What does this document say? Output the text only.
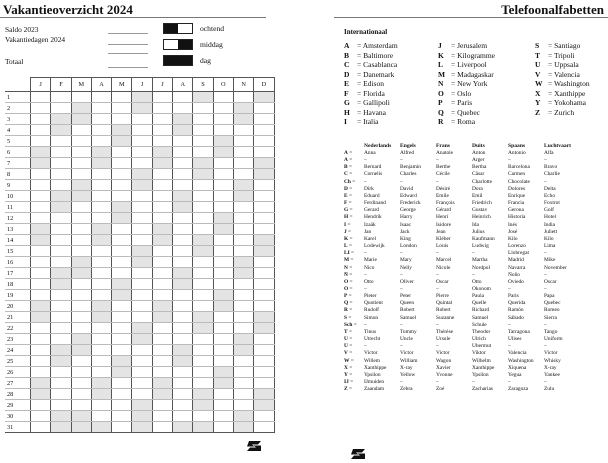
Vakantieoverzicht 2024
Saldo 2023
Vakantiedagen 2024
Totaal
ochtend
middag
dag
	J	F	M	A	M	J	J	A	S	O	N	D
1												
2												
3												
4												
5												
6												
7												
8												
9												
10												
11												
12												
13												
14												
15												
16												
17												
18												
19												
20												
21												
22												
23												
24												
25												
26												
27												
28												
29												
30												
31												
Telefoonalfabetten
Internationaal
A = Amsterdam
B = Baltimore
C = Casablanca
D = Danemark
E = Edison
F = Florida
G = Gallipoli
H = Havana
I = Italia
J = Jerusalem
K = Kilogramme
L = Liverpool
M = Madagaskar
N = New York
O = Oslo
P = Paris
Q = Quebec
R = Roma
S = Santiago
T = Tripoli
U = Uppsala
V = Valencia
W = Washington
X = Xanthippe
Y = Yokohama
Z = Zurich
	Nederlands	Engels	Frans	Duits	Spaans	Luchtvaart
A =	Anna	Alfred	Anatole	Anton	Antonio	Alfa
Ä =	–	–	–	Ärger	–	–
B =	Bernard	Benjamin	Berthe	Bertha	Barcelona	Bravo
C =	Cornelis	Charles	Cécile	Cäsar	Carmen	Charlie
Ch =	–	–	–	Charlotte	Chocolate	–
D =	Dirk	David	Désiré	Dora	Dolores	Delta
E =	Eduard	Edward	Émile	Emil	Enrique	Echo
F =	Ferdinand	Frederick	François	Friedrich	Francia	Foxtrot
G =	Gerard	George	Gérard	Gustav	Gerona	Golf
H =	Hendrik	Harry	Henri	Heinrich	Historia	Hotel
I =	Izaäk	Isaac	Isidore	Ida	Inés	India
J =	Jan	Jack	Jean	Julius	José	Juliett
K =	Karel	King	Kléber	Kaufmann	Kilo	Kilo
L =	Lodewijk	London	Louis	Ludwig	Lorenzo	Lima
LI =	–	–	–	–	Llobregat	–
M =	Marie	Mary	Marcel	Martha	Madrid	Mike
N =	Nico	Nelly	Nicole	Nordpol	Navarra	November
Ñ =	–	–	–	–	Ñoño	–
O =	Otto	Oliver	Oscar	Otto	Oviedo	Oscar
Ö =	–	–	–	Ökonom	–	–
P =	Pieter	Peter	Pierre	Paula	Paris	Papa
Q =	Quotient	Queen	Quintal	Quelle	Querida	Quebec
R =	Rudolf	Robert	Robert	Richard	Ramón	Romeo
S =	Simon	Samuel	Suzanne	Samuel	Sábado	Sierra
Sch =	–	–	–	Schule	–	–
T =	Tinus	Tommy	Thérèse	Theodor	Tarragona	Tango
U =	Utrecht	Uncle	Ursule	Ulrich	Ulises	Uniform
Ü =	–	–	–	Übermut	–	–
V =	Victor	Victor	Victor	Viktor	Valencia	Victor
W =	Willem	William	Wagon	Wilhelm	Washington	Whisky
X =	Xanthippe	X-ray	Xavier	Xanthippe	Xiquena	X-ray
Y =	Ypsilon	Yellow	Yvonne	Ypsilon	Yegua	Yankee
IJ =	IJmuiden	–	–	–	–	–
Z =	Zaandam	Zebra	Zoé	Zacharias	Zaragoza	Zulu
